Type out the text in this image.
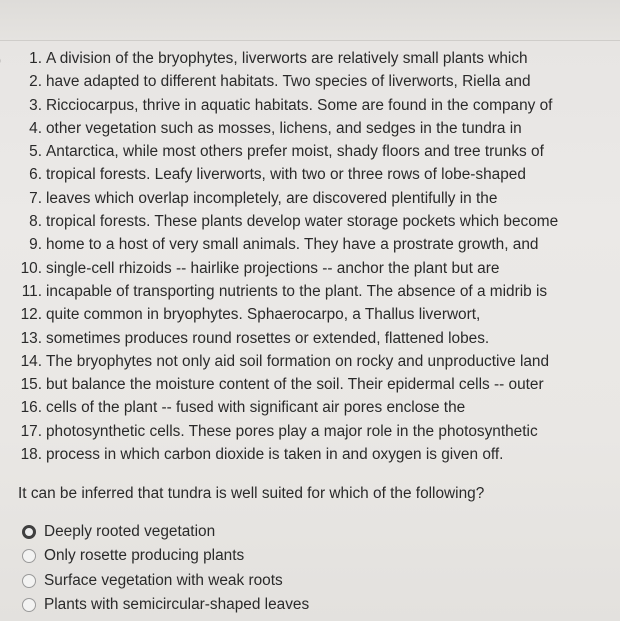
1. A division of the bryophytes, liverworts are relatively small plants which
2. have adapted to different habitats. Two species of liverworts, Riella and
3. Ricciocarpus, thrive in aquatic habitats. Some are found in the company of
4. other vegetation such as mosses, lichens, and sedges in the tundra in
5. Antarctica, while most others prefer moist, shady floors and tree trunks of
6. tropical forests. Leafy liverworts, with two or three rows of lobe-shaped
7. leaves which overlap incompletely, are discovered plentifully in the
8. tropical forests. These plants develop water storage pockets which become
9. home to a host of very small animals. They have a prostrate growth, and
10. single-cell rhizoids -- hairlike projections -- anchor the plant but are
11. incapable of transporting nutrients to the plant. The absence of a midrib is
12. quite common in bryophytes. Sphaerocarpo, a Thallus liverwort,
13. sometimes produces round rosettes or extended, flattened lobes.
14. The bryophytes not only aid soil formation on rocky and unproductive land
15. but balance the moisture content of the soil. Their epidermal cells -- outer
16. cells of the plant -- fused with significant air pores enclose the
17. photosynthetic cells. These pores play a major role in the photosynthetic
18. process in which carbon dioxide is taken in and oxygen is given off.
It can be inferred that tundra is well suited for which of the following?
Deeply rooted vegetation
Only rosette producing plants
Surface vegetation with weak roots
Plants with semicircular-shaped leaves
